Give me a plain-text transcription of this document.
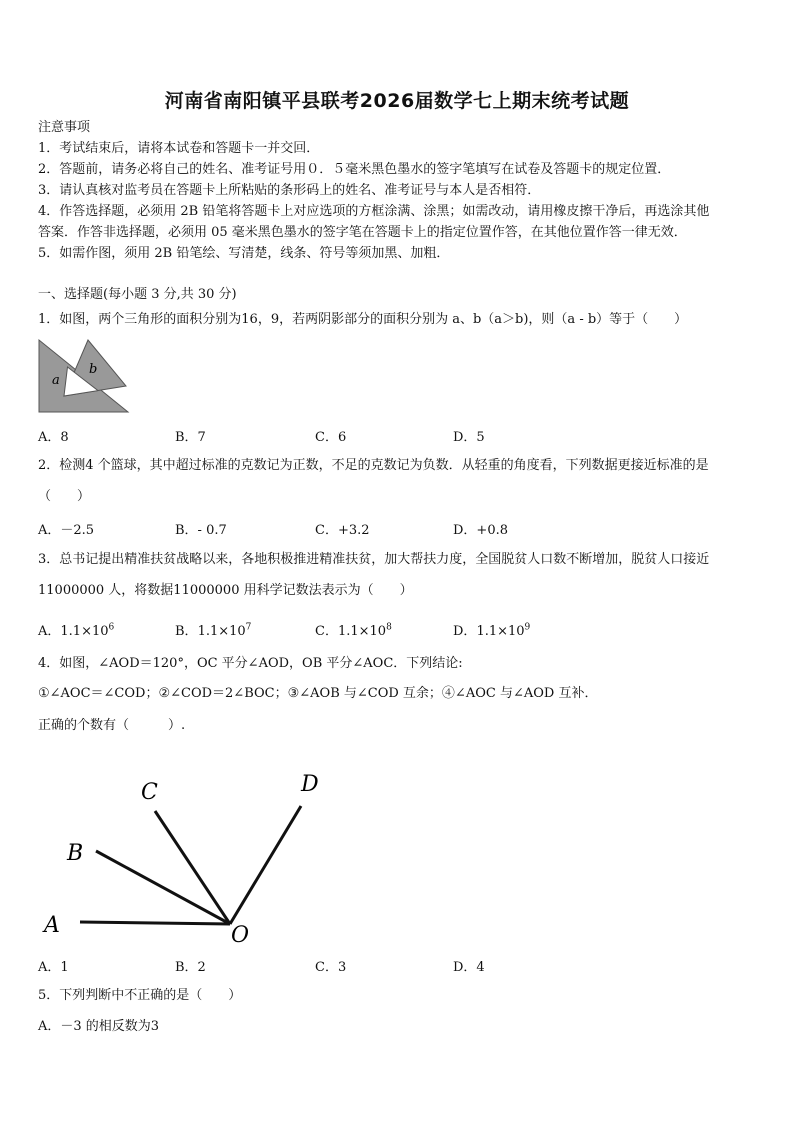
河南省南阳镇平县联考2026届数学七上期末统考试题
注意事项
1．考试结束后，请将本试卷和答题卡一并交回．
2．答题前，请务必将自己的姓名、准考证号用０．５毫米黑色墨水的签字笔填写在试卷及答题卡的规定位置．
3．请认真核对监考员在答题卡上所粘贴的条形码上的姓名、准考证号与本人是否相符．
4．作答选择题，必须用 2B 铅笔将答题卡上对应选项的方框涂满、涂黑；如需改动，请用橡皮擦干净后，再选涂其他
答案．作答非选择题，必须用 05 毫米黑色墨水的签字笔在答题卡上的指定位置作答，在其他位置作答一律无效．
5．如需作图，须用 2B 铅笔绘、写清楚，线条、符号等须加黑、加粗．
一、选择题(每小题 3 分,共 30 分)
1．如图，两个三角形的面积分别为16，9，若两阴影部分的面积分别为 a、b（a＞b)，则（a - b）等于（　　）
a
b
A．8	B．7	C．6	D．5
2．检测4 个篮球，其中超过标准的克数记为正数，不足的克数记为负数．从轻重的角度看，下列数据更接近标准的是
（　　）
A．－2.5	B．- 0.7	C．+3.2	D．+0.8
3．总书记提出精准扶贫战略以来，各地积极推进精准扶贫，加大帮扶力度，全国脱贫人口数不断增加，脱贫人口接近
11000000 人，将数据11000000 用科学记数法表示为（　　）
A．$1.1\times 10^6$	B．$1.1\times 10^7$	C．$1.1\times 10^8$	D．$1.1\times 10^9$
4．如图，∠AOD＝120°，OC 平分∠AOD，OB 平分∠AOC．下列结论:
①∠AOC＝∠COD；②∠COD＝2∠BOC；③∠AOB 与∠COD 互余；④∠AOC 与∠AOD 互补．
正确的个数有（　　　）.
A
B
C	D
O
A．1	B．2	C．3	D．4
5．下列判断中不正确的是（　　）
A．－3 的相反数为3
